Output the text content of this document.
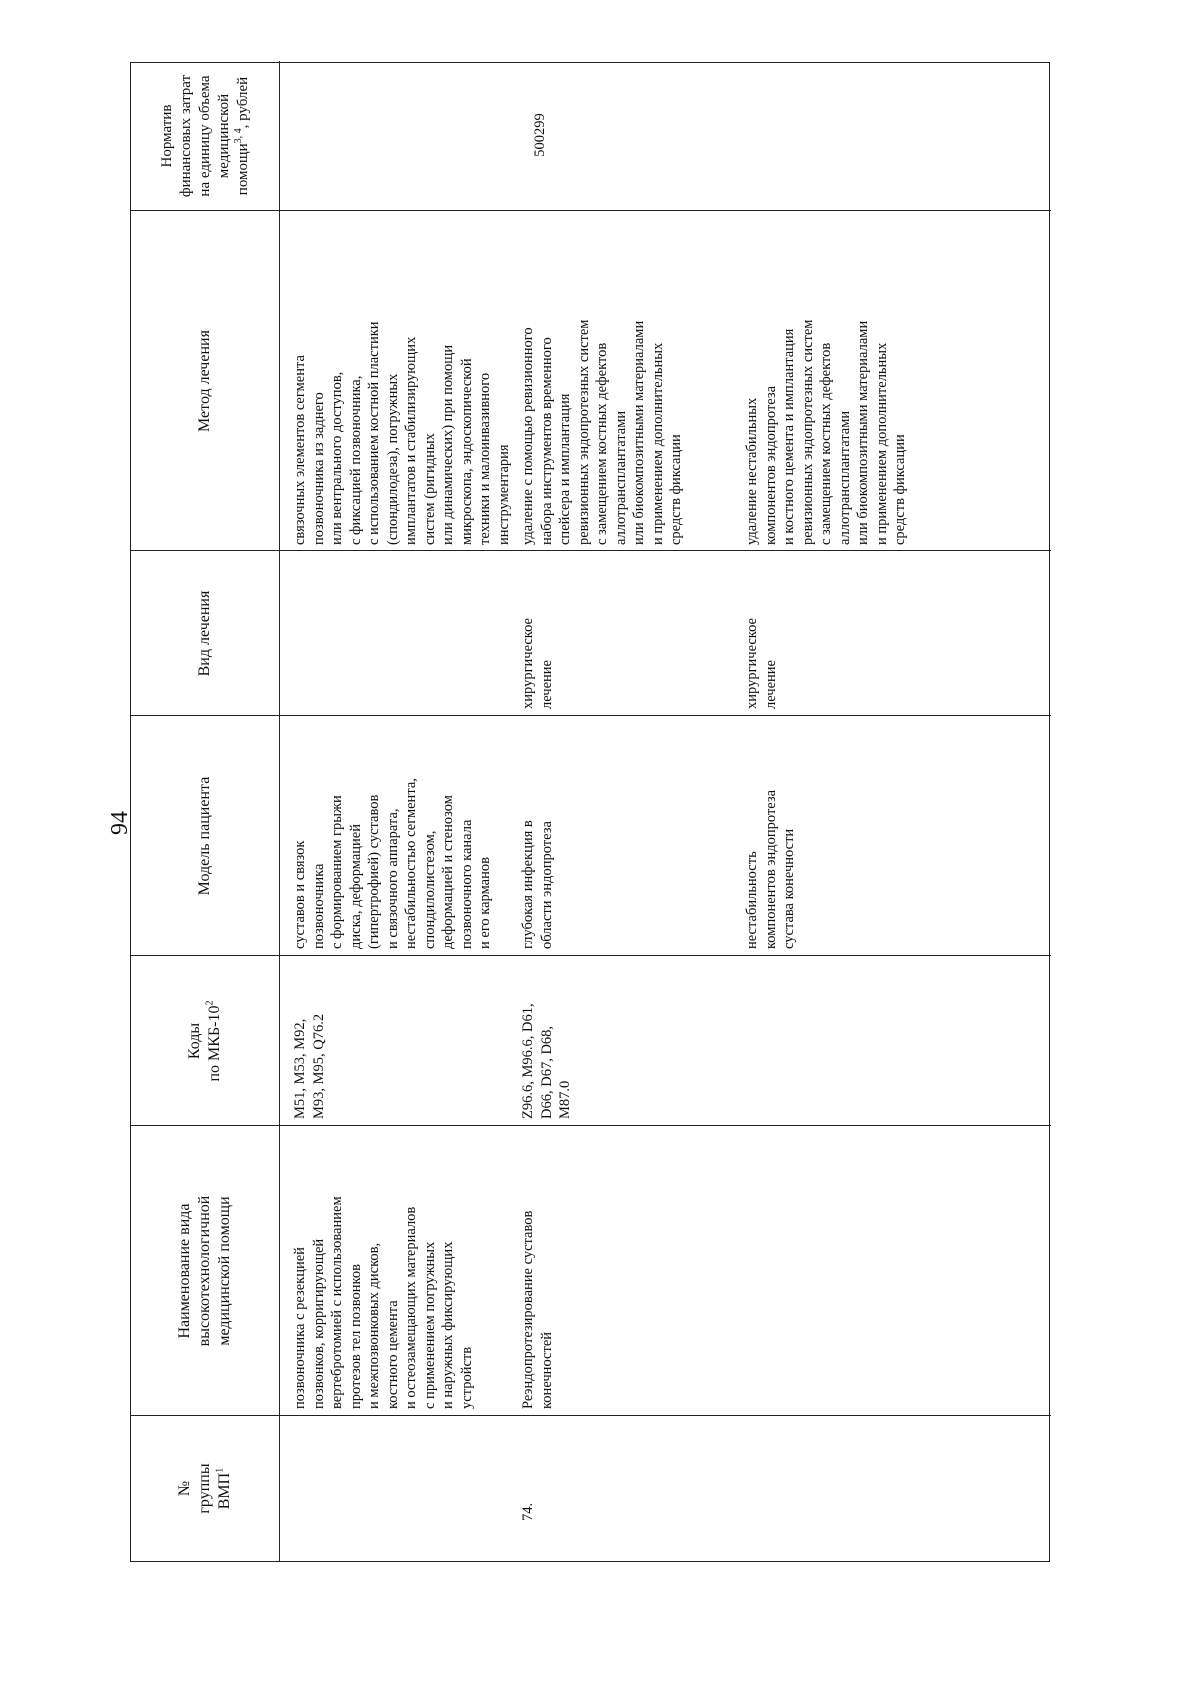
94
№
группы
ВМП$^1$
Наименование вида
высокотехнологичной
медицинской помощи
Коды
по МКБ-$10^2$
Модель пациента
Вид лечения
Метод лечения
Норматив
финансовых затрат
на единицу объема
медицинской
помощи$^{3, 4}$, рублей
позвоночника с резекцией
позвонков, корригирующей
вертебротомией с использованием
протезов тел позвонков
и межпозвонковых дисков,
костного цемента
и остеозамещающих материалов
с применением погружных
и наружных фиксирующих
устройств
M51, M53, M92,
M93, M95, Q76.2
суставов и связок
позвоночника
с формированием грыжи
диска, деформацией
(гипертрофией) суставов
и связочного аппарата,
нестабильностью сегмента,
спондилолистезом,
деформацией и стенозом
позвоночного канала
и его карманов
связочных элементов сегмента
позвоночника из заднего
или вентрального доступов,
с фиксацией позвоночника,
с использованием костной пластики
(спондилодеза), погружных
имплантатов и стабилизирующих
систем (ригидных
или динамических) при помощи
микроскопа, эндоскопической
техники и малоинвазивного
инструментария
74.
Реэндопротезирование суставов
конечностей
Z96.6, M96.6, D61,
D66, D67, D68,
M87.0
глубокая инфекция в
области эндопротеза
хирургическое
лечение
удаление с помощью ревизионного
набора инструментов временного
спейсера и имплантация
ревизионных эндопротезных систем
с замещением костных дефектов
аллотрансплантатами
или биокомпозитными материалами
и применением дополнительных
средств фиксации
500299
нестабильность
компонентов эндопротеза
сустава конечности
хирургическое
лечение
удаление нестабильных
компонентов эндопротеза
и костного цемента и имплантация
ревизионных эндопротезных систем
с замещением костных дефектов
аллотрансплантатами
или биокомпозитными материалами
и применением дополнительных
средств фиксации
